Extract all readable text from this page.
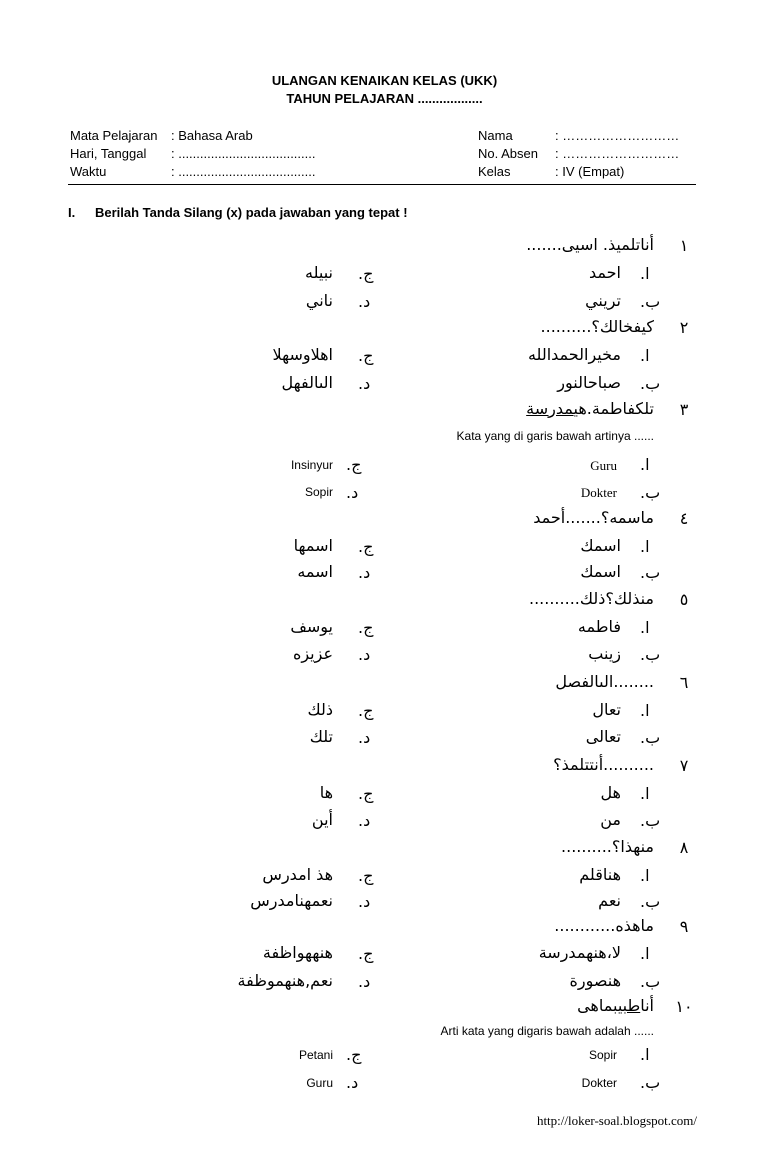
ULANGAN KENAIKAN KELAS (UKK)
TAHUN PELAJARAN ..................
Mata Pelajaran : Bahasa Arab
Hari, Tanggal : ......................................
Waktu	: ......................................
Nama	: ………………………
No. Absen : ………………………
Kelas	: IV (Empat)
I. Berilah Tanda Silang (x) pada jawaban yang tepat !
١
أناتلميذ. اسيى.......
ا.
احمد
ج.
نبيله
ب.
تريني
د.
ناني
٢
كيفخالك؟..........
ا.
مخيرالحمدالله
ج.
اهلاوسهلا
ب.
صباحالنور
د.
الىالفهل
٣
تلكفاطمة.هيمدرسة
Kata yang di garis bawah artinya ......
ا.
Guru
ج.
Insinyur
ب.
Dokter
د.
Sopir
٤
ماسمه؟.......أحمد
ا.
اسمك
ج.
اسمها
ب.
اسمك
د.
اسمه
٥
منذلك؟ذلك..........
ا.
فاطمه
ج.
يوسف
ب.
زينب
د.
عزيزه
٦
........الىالفصل
ا.
تعال
ج.
ذلك
ب.
تعالى
د.
تلك
٧
..........أنتتلمذ؟
ا.
هل
ج.
ها
ب.
من
د.
أين
٨
منهذا؟..........
ا.
هناقلم
ج.
هذ امدرس
ب.
نعم
د.
نعمهنامدرس
٩
ماهذه............
ا.
لا،هنهمدرسة
ج.
هنههواظفة
ب.
هنصورة
د.
نعم,هنهموظفة
١٠
أناطبيبماهى
Arti kata yang digaris bawah adalah ......
ا.
Sopir
ج.
Petani
ب.
Dokter
د.
Guru
http://loker-soal.blogspot.com/
